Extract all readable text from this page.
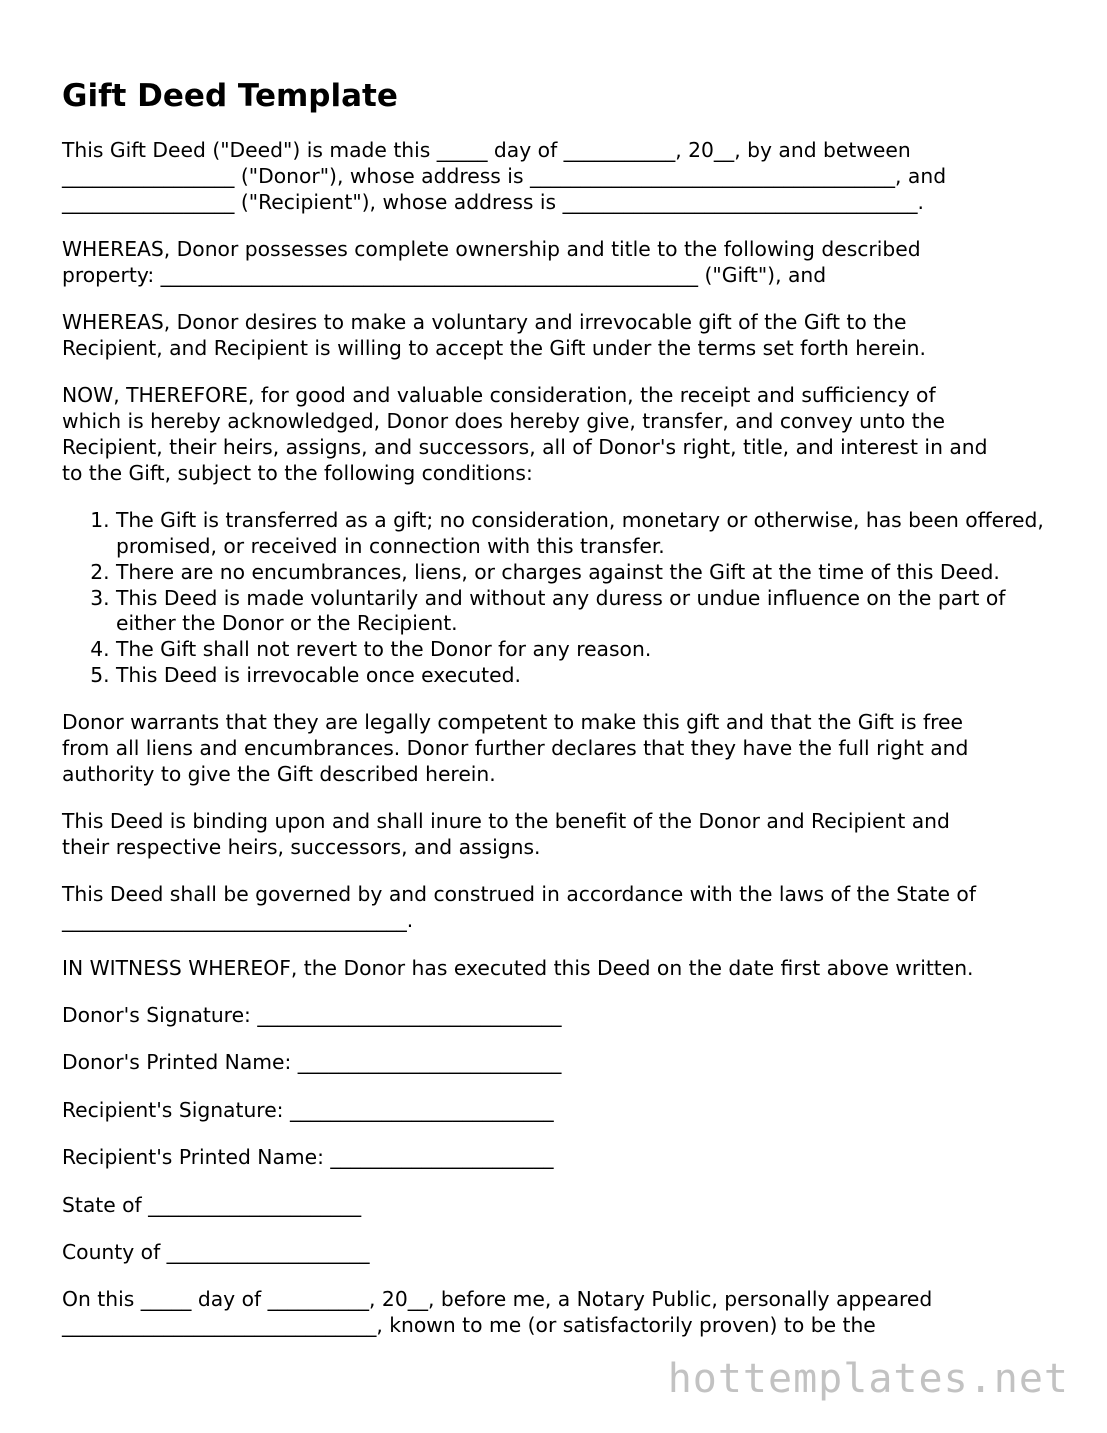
Gift Deed Template

This Gift Deed ("Deed") is made this _____ day of ___________, 20__, by and between
_________________ ("Donor"), whose address is ____________________________________, and
_________________ ("Recipient"), whose address is ___________________________________.

WHEREAS, Donor possesses complete ownership and title to the following described
property: _____________________________________________________ ("Gift"), and

WHEREAS, Donor desires to make a voluntary and irrevocable gift of the Gift to the
Recipient, and Recipient is willing to accept the Gift under the terms set forth herein.

NOW, THEREFORE, for good and valuable consideration, the receipt and sufficiency of
which is hereby acknowledged, Donor does hereby give, transfer, and convey unto the
Recipient, their heirs, assigns, and successors, all of Donor's right, title, and interest in and
to the Gift, subject to the following conditions:

1. The Gift is transferred as a gift; no consideration, monetary or otherwise, has been offered, promised, or received in connection with this transfer.
2. There are no encumbrances, liens, or charges against the Gift at the time of this Deed.
3. This Deed is made voluntarily and without any duress or undue influence on the part of either the Donor or the Recipient.
4. The Gift shall not revert to the Donor for any reason.
5. This Deed is irrevocable once executed.

Donor warrants that they are legally competent to make this gift and that the Gift is free
from all liens and encumbrances. Donor further declares that they have the full right and
authority to give the Gift described herein.

This Deed is binding upon and shall inure to the benefit of the Donor and Recipient and
their respective heirs, successors, and assigns.

This Deed shall be governed by and construed in accordance with the laws of the State of
__________________________________.

IN WITNESS WHEREOF, the Donor has executed this Deed on the date first above written.

Donor's Signature: ______________________________
Donor's Printed Name: __________________________
Recipient's Signature: __________________________
Recipient's Printed Name: ______________________
State of _____________________
County of ____________________

On this _____ day of __________, 20__, before me, a Notary Public, personally appeared
_______________________________, known to me (or satisfactorily proven) to be the

hottemplates.net
